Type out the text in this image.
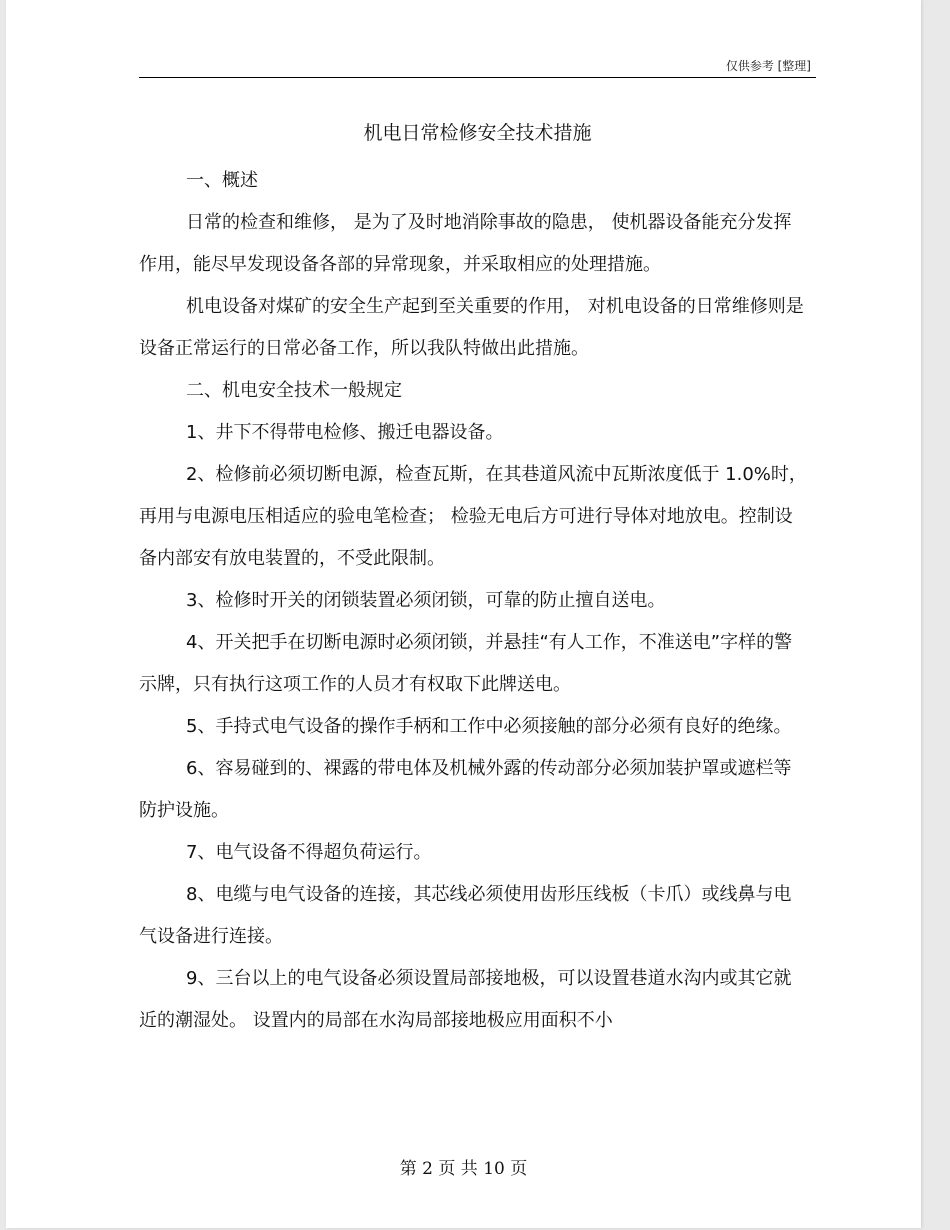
仅供参考 [整理]
机电日常检修安全技术措施

一、概述

日常的检查和维修， 是为了及时地消除事故的隐患， 使机器设备能充分发挥作用，能尽早发现设备各部的异常现象，并采取相应的处理措施。

机电设备对煤矿的安全生产起到至关重要的作用， 对机电设备的日常维修则是设备正常运行的日常必备工作，所以我队特做出此措施。

二、机电安全技术一般规定

1、井下不得带电检修、搬迁电器设备。

2、检修前必须切断电源，检查瓦斯，在其巷道风流中瓦斯浓度低于 1.0%时，再用与电源电压相适应的验电笔检查； 检验无电后方可进行导体对地放电。控制设备内部安有放电装置的，不受此限制。

3、检修时开关的闭锁装置必须闭锁，可靠的防止擅自送电。

4、开关把手在切断电源时必须闭锁，并悬挂“有人工作，不准送电”字样的警示牌，只有执行这项工作的人员才有权取下此牌送电。

5、手持式电气设备的操作手柄和工作中必须接触的部分必须有良好的绝缘。

6、容易碰到的、裸露的带电体及机械外露的传动部分必须加装护罩或遮栏等防护设施。

7、电气设备不得超负荷运行。

8、电缆与电气设备的连接，其芯线必须使用齿形压线板（卡爪）或线鼻与电气设备进行连接。

9、三台以上的电气设备必须设置局部接地极，可以设置巷道水沟内或其它就近的潮湿处。 设置内的局部在水沟局部接地极应用面积不小

第 2 页 共 10 页
